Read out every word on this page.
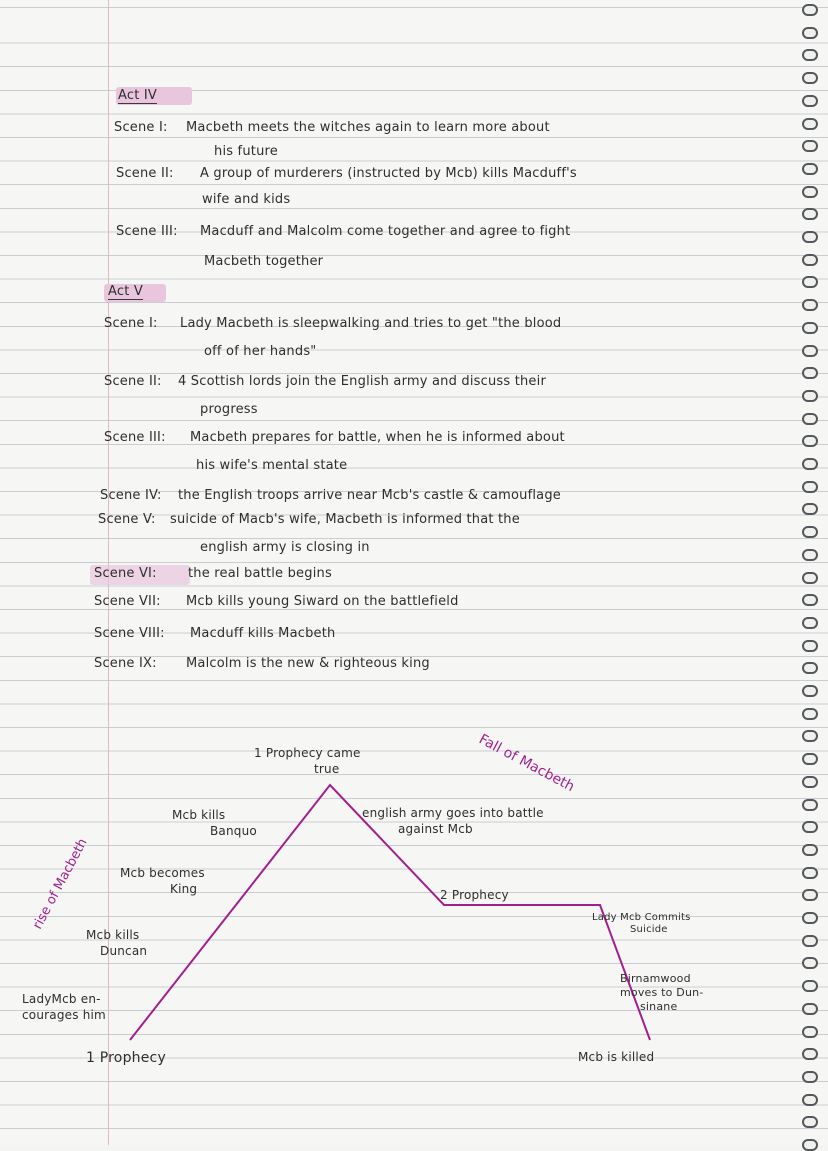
Act IV
Scene I: Macbeth meets the witches again to learn more about
his future
Scene II: A group of murderers (instructed by Mcb) kills Macduff's
wife and kids
Scene III: Macduff and Malcolm come together and agree to fight
Macbeth together
Act V
Scene I: Lady Macbeth is sleepwalking and tries to get "the blood
off of her hands"
Scene II: 4 Scottish lords join the English army and discuss their
progress
Scene III: Macbeth prepares for battle, when he is informed about
his wife's mental state
Scene IV: the English troops arrive near Mcb's castle & camouflage
Scene V: suicide of Macb's wife, Macbeth is informed that the
english army is closing in
Scene VI: the real battle begins
Scene VII: Mcb kills young Siward on the battlefield
Scene VIII: Macduff kills Macbeth
Scene IX: Malcolm is the new & righteous king
rise of Macbeth
Fall of Macbeth
1 Prophecy
LadyMcb en-
courages him
Mcb kills
Duncan
Mcb becomes
King
Mcb kills
Banquo
1 Prophecy came
true
english army goes into battle
against Mcb
2 Prophecy
Lady Mcb Commits
Suicide
Birnamwood
moves to Dun-
sinane
Mcb is killed
